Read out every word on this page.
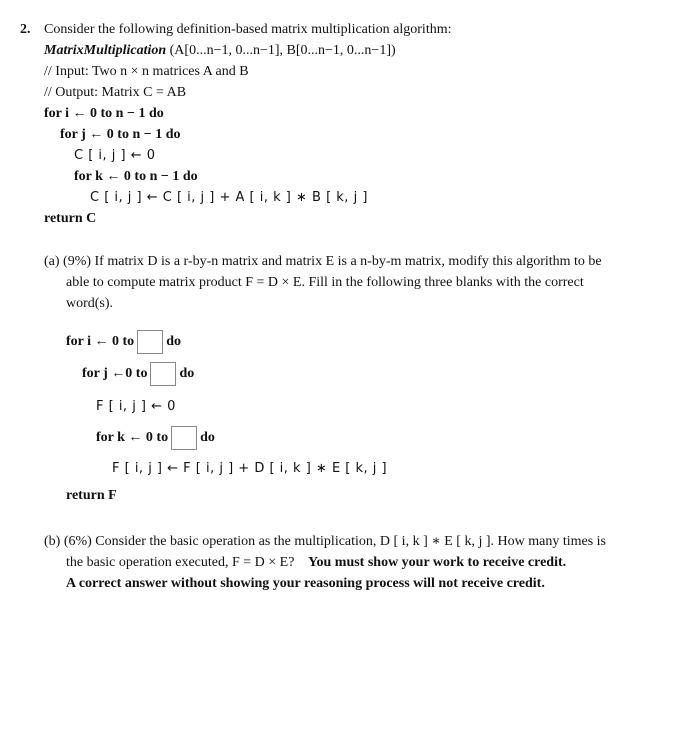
2. Consider the following definition-based matrix multiplication algorithm:
MatrixMultiplication (A[0...n−1, 0...n−1], B[0...n−1, 0...n−1])
// Input: Two n × n matrices A and B
// Output: Matrix C = AB
for i ← 0 to n − 1 do
for j ← 0 to n − 1 do
C [ i, j ] ← 0
for k ← 0 to n − 1 do
C [ i, j ] ← C [ i, j ] + A [ i, k ] ∗ B [ k, j ]
return C
(a) (9%) If matrix D is a r-by-n matrix and matrix E is a n-by-m matrix, modify this algorithm to be
able to compute matrix product F = D × E. Fill in the following three blanks with the correct
word(s).
for i ← 0 to do
for j ←0 to do
F [ i, j ] ← 0
for k ← 0 to do
F [ i, j ] ← F [ i, j ] + D [ i, k ] ∗ E [ k, j ]
return F
(b) (6%) Consider the basic operation as the multiplication, D [ i, k ] ∗ E [ k, j ]. How many times is
the basic operation executed, F = D × E? You must show your work to receive credit.
A correct answer without showing your reasoning process will not receive credit.
